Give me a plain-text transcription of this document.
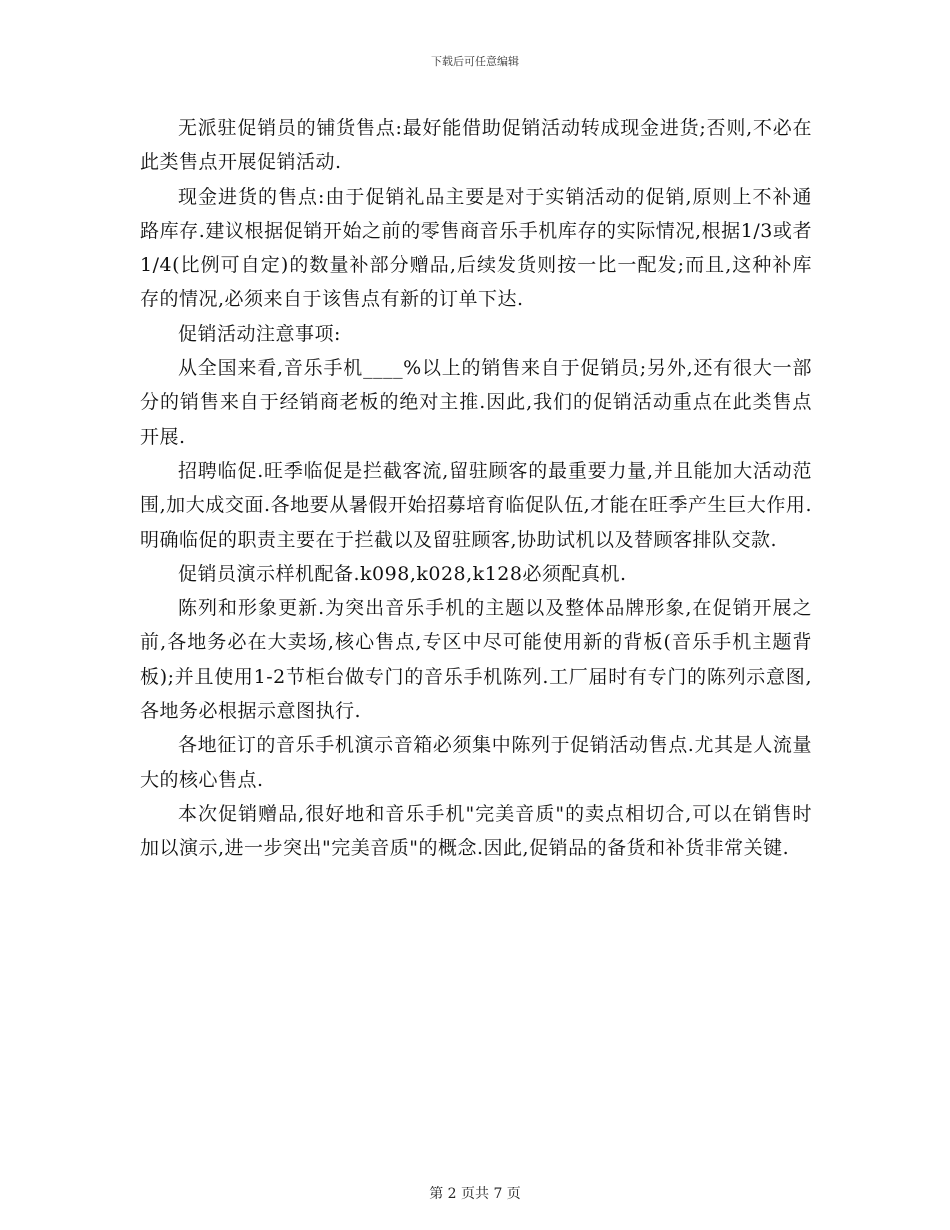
下载后可任意编辑

无派驻促销员的铺货售点:最好能借助促销活动转成现金进货;否则,不必在此类售点开展促销活动.

现金进货的售点:由于促销礼品主要是对于实销活动的促销,原则上不补通路库存.建议根据促销开始之前的零售商音乐手机库存的实际情况,根据1/3或者1/4(比例可自定)的数量补部分赠品,后续发货则按一比一配发;而且,这种补库存的情况,必须来自于该售点有新的订单下达.

促销活动注意事项:

从全国来看,音乐手机____%以上的销售来自于促销员;另外,还有很大一部分的销售来自于经销商老板的绝对主推.因此,我们的促销活动重点在此类售点开展.

招聘临促.旺季临促是拦截客流,留驻顾客的最重要力量,并且能加大活动范围,加大成交面.各地要从暑假开始招募培育临促队伍,才能在旺季产生巨大作用.明确临促的职责主要在于拦截以及留驻顾客,协助试机以及替顾客排队交款.

促销员演示样机配备.k098,k028,k128必须配真机.

陈列和形象更新.为突出音乐手机的主题以及整体品牌形象,在促销开展之前,各地务必在大卖场,核心售点,专区中尽可能使用新的背板(音乐手机主题背板);并且使用1-2节柜台做专门的音乐手机陈列.工厂届时有专门的陈列示意图,各地务必根据示意图执行.

各地征订的音乐手机演示音箱必须集中陈列于促销活动售点.尤其是人流量大的核心售点.

本次促销赠品,很好地和音乐手机"完美音质"的卖点相切合,可以在销售时加以演示,进一步突出"完美音质"的概念.因此,促销品的备货和补货非常关键.

第 2 页共 7 页
